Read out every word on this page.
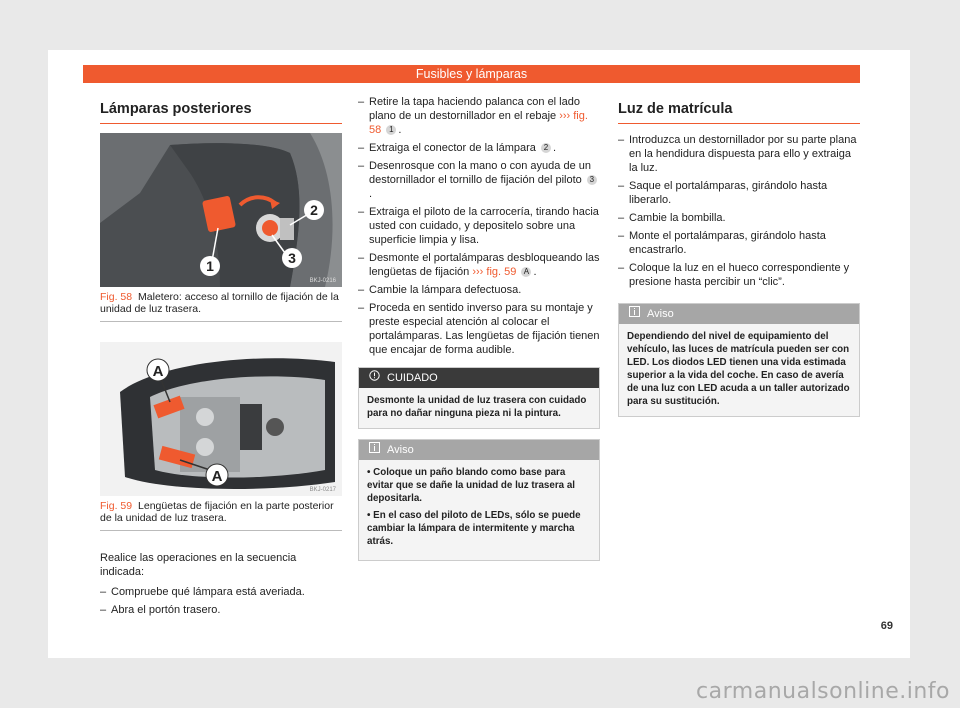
Fusibles y lámparas
Lámparas posteriores
1	3
2
BKJ-0216
Fig. 58 Maletero: acceso al tornillo de fijación de la unidad de luz trasera.
A
A
BKJ-0217
Fig. 59 Lengüetas de fijación en la parte posterior de la unidad de luz trasera.

Realice las operaciones en la secuencia indicada:

– Compruebe qué lámpara está averiada.
– Abra el portón trasero.
– Retire la tapa haciendo palanca con el lado plano de un destornillador en el rebaje ››› fig. 58 1 .
– Extraiga el conector de la lámpara 2 .
– Desenrosque con la mano o con ayuda de un destornillador el tornillo de fijación del piloto 3.
– Extraiga el piloto de la carrocería, tirando hacia usted con cuidado, y depositelo sobre una superficie limpia y lisa.
– Desmonte el portalámparas desbloqueando las lengüetas de fijación ››› fig. 59 A .
– Cambie la lámpara defectuosa.
– Proceda en sentido inverso para su montaje y preste especial atención al colocar el portalámparas. Las lengüetas de fijación tienen que encajar de forma audible.
CUIDADO
Desmonte la unidad de luz trasera con cuidado para no dañar ninguna pieza ni la pintura.
Aviso
• Coloque un paño blando como base para evitar que se dañe la unidad de luz trasera al depositarla.
• En el caso del piloto de LEDs, sólo se puede cambiar la lámpara de intermitente y marcha atrás.
Luz de matrícula
– Introduzca un destornillador por su parte plana en la hendidura dispuesta para ello y extraiga la luz.
– Saque el portalámparas, girándolo hasta liberarlo.
– Cambie la bombilla.
– Monte el portalámparas, girándolo hasta encastrarlo.
– Coloque la luz en el hueco correspondiente y presione hasta percibir un “clic”.
Aviso
Dependiendo del nivel de equipamiento del vehículo, las luces de matrícula pueden ser con LED. Los diodos LED tienen una vida estimada superior a la vida del coche. En caso de avería de una luz con LED acuda a un taller autorizado para su sustitución.
69
carmanualsonline.info
